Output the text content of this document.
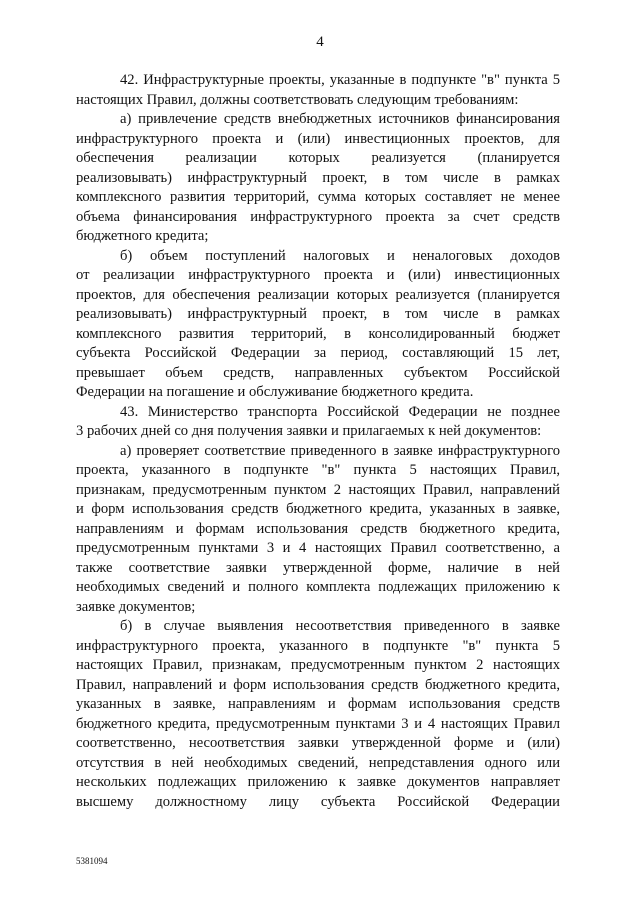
4
42. Инфраструктурные проекты, указанные в подпункте "в" пункта 5
настоящих Правил, должны соответствовать следующим требованиям:
а) привлечение средств внебюджетных источников финансирования
инфраструктурного проекта и (или) инвестиционных проектов, для
обеспечения реализации которых реализуется (планируется
реализовывать) инфраструктурный проект, в том числе в рамках
комплексного развития территорий, сумма которых составляет не менее
объема финансирования инфраструктурного проекта за счет средств
бюджетного кредита;
б) объем поступлений налоговых и неналоговых доходов
от реализации инфраструктурного проекта и (или) инвестиционных
проектов, для обеспечения реализации которых реализуется (планируется
реализовывать) инфраструктурный проект, в том числе в рамках
комплексного развития территорий, в консолидированный бюджет
субъекта Российской Федерации за период, составляющий 15 лет,
превышает объем средств, направленных субъектом Российской
Федерации на погашение и обслуживание бюджетного кредита.
43. Министерство транспорта Российской Федерации не позднее
3 рабочих дней со дня получения заявки и прилагаемых к ней документов:
а) проверяет соответствие приведенного в заявке инфраструктурного
проекта, указанного в подпункте "в" пункта 5 настоящих Правил,
признакам, предусмотренным пунктом 2 настоящих Правил, направлений
и форм использования средств бюджетного кредита, указанных в заявке,
направлениям и формам использования средств бюджетного кредита,
предусмотренным пунктами 3 и 4 настоящих Правил соответственно, а
также соответствие заявки утвержденной форме, наличие в ней
необходимых сведений и полного комплекта подлежащих приложению к
заявке документов;
б) в случае выявления несоответствия приведенного в заявке
инфраструктурного проекта, указанного в подпункте "в" пункта 5
настоящих Правил, признакам, предусмотренным пунктом 2 настоящих
Правил, направлений и форм использования средств бюджетного кредита,
указанных в заявке, направлениям и формам использования средств
бюджетного кредита, предусмотренным пунктами 3 и 4 настоящих Правил
соответственно, несоответствия заявки утвержденной форме и (или)
отсутствия в ней необходимых сведений, непредставления одного или
нескольких подлежащих приложению к заявке документов направляет
высшему должностному лицу субъекта Российской Федерации
5381094
